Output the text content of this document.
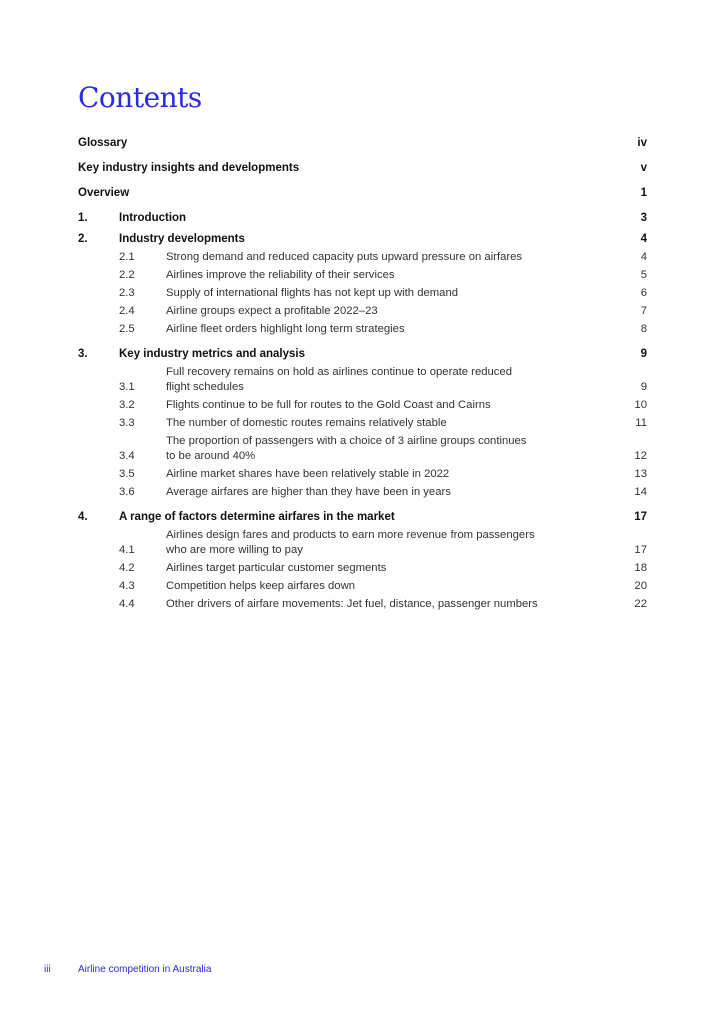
Contents
Glossary	iv
Key industry insights and developments	v
Overview	1
1.	Introduction	3
2.	Industry developments	4
2.1	Strong demand and reduced capacity puts upward pressure on airfares	4
2.2	Airlines improve the reliability of their services	5
2.3	Supply of international flights has not kept up with demand	6
2.4	Airline groups expect a profitable 2022–23	7
2.5	Airline fleet orders highlight long term strategies	8
3.	Key industry metrics and analysis	9
3.1
Full recovery remains on hold as airlines continue to operate reduced
flight schedules	9
3.2	Flights continue to be full for routes to the Gold Coast and Cairns	10
3.3	The number of domestic routes remains relatively stable	11
3.4
The proportion of passengers with a choice of 3 airline groups continues
to be around 40%	12
3.5	Airline market shares have been relatively stable in 2022	13
3.6	Average airfares are higher than they have been in years	14
4.	A range of factors determine airfares in the market	17
4.1
Airlines design fares and products to earn more revenue from passengers
who are more willing to pay	17
4.2	Airlines target particular customer segments	18
4.3	Competition helps keep airfares down	20
4.4	Other drivers of airfare movements: Jet fuel, distance, passenger numbers	22
iii	Airline competition in Australia
